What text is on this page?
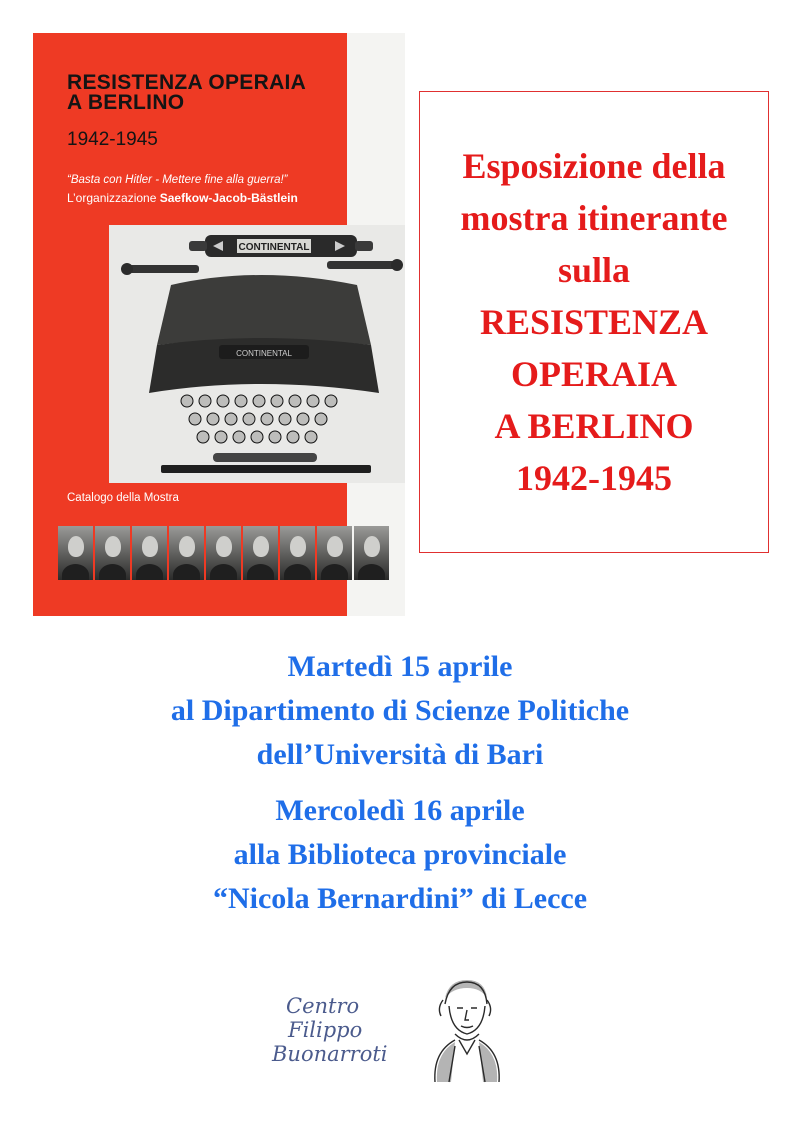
RESISTENZA OPERAIA
A BERLINO
1942-1945
“Basta con Hitler - Mettere fine alla guerra!”
L’organizzazione Saefkow-Jacob-Bästlein
CONTINENTAL
CONTINENTAL
Catalogo della Mostra
Esposizione della
mostra itinerante
sulla
RESISTENZA
OPERAIA
A BERLINO
1942-1945
Martedì 15 aprile
al Dipartimento di Scienze Politiche
dell’Università di Bari
Mercoledì 16 aprile
alla Biblioteca provinciale
“Nicola Bernardini” di Lecce
Centro
Filippo
Buonarroti
